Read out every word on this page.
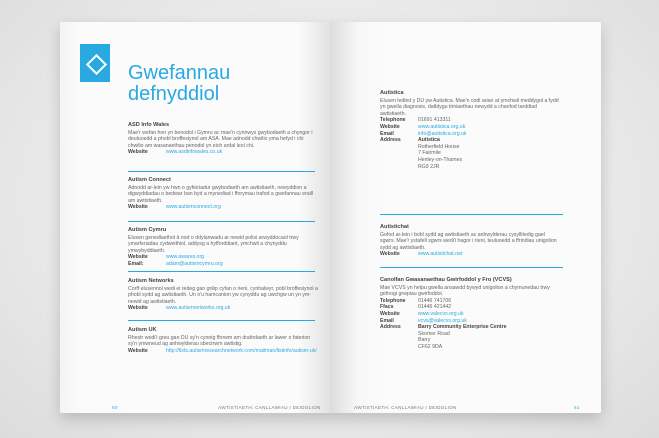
Gwefannau
defnyddiol
ASD Info Wales
Mae'r wefan hon yn benodol i Gymru ac mae'n cynnwys gwybodaeth a chyngor i deuluoedd a phobl broffesiynol am ASA. Mae adnodd chwilio yma hefyd i chi chwilio am wasanaethau penodol yn eich ardal leol chi.
Website	www.asdinfowales.co.uk
Autism Connect
Adnodd ar-lein yw hwn o gyfeiriadur gwybodaeth am awtistiaeth, newyddion a digwyddiadau o bedwar ban byd a mynediad i fforymau trafod a gwefannau eraill am awtistiaeth.
Website	www.autismconnect.org
Autism Cymru
Elusen genedlaethol â nod o ddylanwadu ar newid polisi arwyddocaol trwy ymarferiadau cydweithiol, addysg a hyfforddiant, ymchwil a chynyddu ymwybyddiaeth.
Website	www.awares.org
Email:	adam@autismcymru.org
Autism Networks
Corff elusennol wedi ei redeg gan grŵp cyfan o rieni, cynhalwyr, pobl broffesiynol a phobl sydd ag awtistiaeth. Un o'u hamcanion yw cynyddu ag uwchgw un yn ym-newid ag awtistiaeth.
Website	www.autismnetworks.org.uk
Autism UK
Rhestr wedi'i greu gan DU sy'n cynnig fforwm am drafodaeth ar lawer o faterion sy'n ymwneud ag anhwylderau sbectrwm awtistig.
Website	http://lists.autismresearchnetwork.com/mailman/listinfo/autism-uk/
60	AWTISTIAETH: CANLLAWIAU I DEIDOLION
Autistica
Elusen ledled y DU yw Autistica. Mae'n codi arian at ymchwil meddygol a fydd yn gwella diagnosis, datblygu triniaethau newydd a chanfod tarddiad awtistiaeth.
Telephone	01691 413311
Website	www.autistica.org.uk
Email	info@autistica.org.uk
Address	Autistica
Rotherfield House
7 Fairmile
Henley-on-Thames
RG9 2JR
Autistichat
Gofod ar-lein i bobl sydd ag awtistiaeth ac anhwylderau cysylltiedig gael sgwrs. Mae'r ystafell sgwrs wedi'i hagor i rieni, teuluoedd a ffrindiau unigolion sydd ag awtistiaeth.
Website	www.autistichat.net
Canolfan Gwasanaethau Gwirfoddol y Fro (VCVS)
Mae VCVS yn helpu gwella ansawdd bywyd unigolion a chymunedau trwy gefnogi grwpiau gwirfoddol.
Telephone	01446 741706
Ffacs	01446 421442
Website	www.valecvs.org.uk
Email	vcvs@valecvs.org.uk
Address	Barry Community Enterprise Centre
Skomer Road
Barry
CF62 9DA
AWTISTIAETH: CANLLAWIAU I DEIDOLION	61
